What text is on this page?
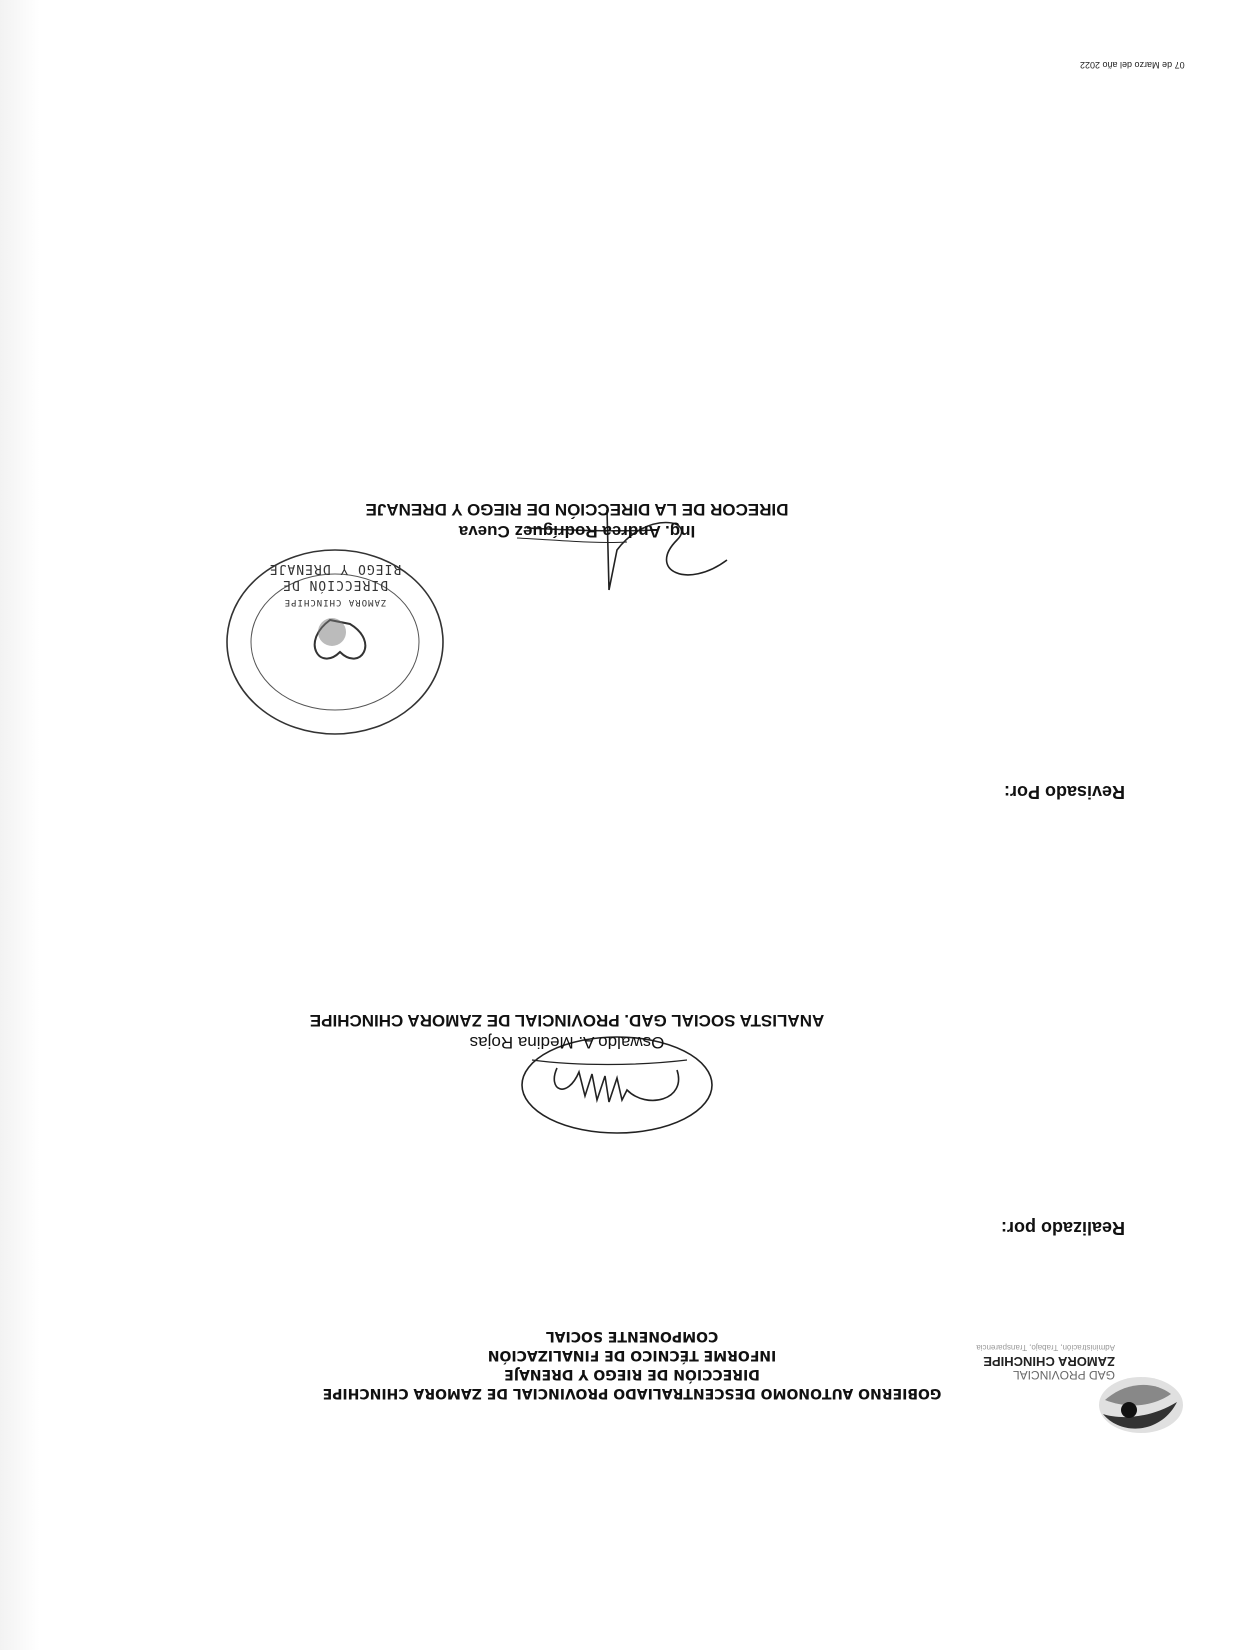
GAD PROVINCIAL
ZAMORA CHINCHIPE
Administración, Trabajo, Transparencia
GOBIERNO AUTONOMO DESCENTRALIADO PROVINCIAL DE ZAMORA CHINCHIPE
DIRECCIÓN DE RIEGO Y DRENAJE
INFORME TÉCNICO DE FINALIZACIÓN
COMPONENTE SOCIAL
Realizado por:
Oswaldo A. Medina Rojas
ANALISTA SOCIAL GAD. PROVINCIAL DE ZAMORA CHINCHIPE
Revisado Por:
ZAMORA CHINCHIPE
DIRECCIÓN DE
RIEGO Y DRENAJE
Ing. Andrea Rodríguez Cueva
DIRECOR DE LA DIRECCIÓN DE RIEGO Y DRENAJE
07 de Marzo del año 2022
